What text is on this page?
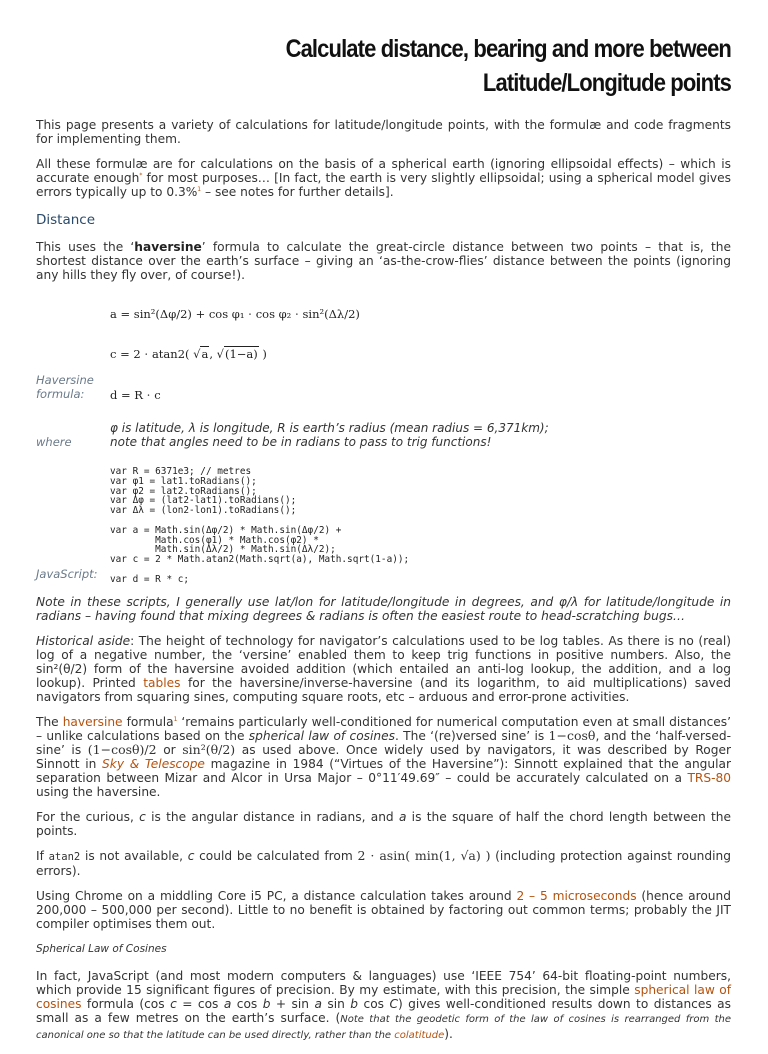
Calculate distance, bearing and more between
Latitude/Longitude points

This page presents a variety of calculations for latitude/longitude points, with the formulæ and code fragments for implementing them.

All these formulæ are for calculations on the basis of a spherical earth (ignoring ellipsoidal effects) – which is accurate enough* for most purposes… [In fact, the earth is very slightly ellipsoidal; using a spherical model gives errors typically up to 0.3%$^1$ – see notes for further details].

Distance

This uses the ‘haversine’ formula to calculate the great-circle distance between two points – that is, the shortest distance over the earth’s surface – giving an ‘as-the-crow-flies’ distance between the points (ignoring any hills they fly over, of course!).

a = sin²(Δφ/2) + cos φ₁ ⋅ cos φ₂ ⋅ sin²(Δλ/2)
c = 2 ⋅ atan2( √a, √(1−a) )
Haversine formula:	d = R ⋅ c
where
φ is latitude, λ is longitude, R is earth’s radius (mean radius = 6,371km);
note that angles need to be in radians to pass to trig functions!
JavaScript:
var R = 6371e3; // metres
var φ1 = lat1.toRadians();
var φ2 = lat2.toRadians();
var Δφ = (lat2-lat1).toRadians();
var Δλ = (lon2-lon1).toRadians();

var a = Math.sin(Δφ/2) * Math.sin(Δφ/2) +
Math.cos(φ1) * Math.cos(φ2) *
Math.sin(Δλ/2) * Math.sin(Δλ/2);
var c = 2 * Math.atan2(Math.sqrt(a), Math.sqrt(1-a));

var d = R * c;

Note in these scripts, I generally use lat/lon for latitude/longitude in degrees, and φ/λ for latitude/longitude in radians – having found that mixing degrees & radians is often the easiest route to head-scratching bugs…

Historical aside: The height of technology for navigator’s calculations used to be log tables. As there is no (real) log of a negative number, the ‘versine’ enabled them to keep trig functions in positive numbers. Also, the sin²(θ/2) form of the haversine avoided addition (which entailed an anti-log lookup, the addition, and a log lookup). Printed tables for the haversine/inverse-haversine (and its logarithm, to aid multiplications) saved navigators from squaring sines, computing square roots, etc – arduous and error-prone activities.

The haversine formula$^1$ ‘remains particularly well-conditioned for numerical computation even at small distances’ – unlike calculations based on the spherical law of cosines. The ‘(re)versed sine’ is 1−cosθ, and the ‘half-versed-sine’ is (1−cosθ)/2 or sin²(θ/2) as used above. Once widely used by navigators, it was described by Roger Sinnott in Sky & Telescope magazine in 1984 (“Virtues of the Haversine”): Sinnott explained that the angular separation between Mizar and Alcor in Ursa Major – 0°11′49.69″ – could be accurately calculated on a TRS-80 using the haversine.

For the curious, c is the angular distance in radians, and a is the square of half the chord length between the points.

If atan2 is not available, c could be calculated from 2 ⋅ asin( min(1, √a) ) (including protection against rounding errors).

Using Chrome on a middling Core i5 PC, a distance calculation takes around 2 – 5 microseconds (hence around 200,000 – 500,000 per second). Little to no benefit is obtained by factoring out common terms; probably the JIT compiler optimises them out.

Spherical Law of Cosines

In fact, JavaScript (and most modern computers & languages) use ‘IEEE 754’ 64-bit floating-point numbers, which provide 15 significant figures of precision. By my estimate, with this precision, the simple spherical law of cosines formula (cos c = cos a cos b + sin a sin b cos C) gives well-conditioned results down to distances as small as a few metres on the earth’s surface. (Note that the geodetic form of the law of cosines is rearranged from the canonical one so that the latitude can be used directly, rather than the colatitude).
